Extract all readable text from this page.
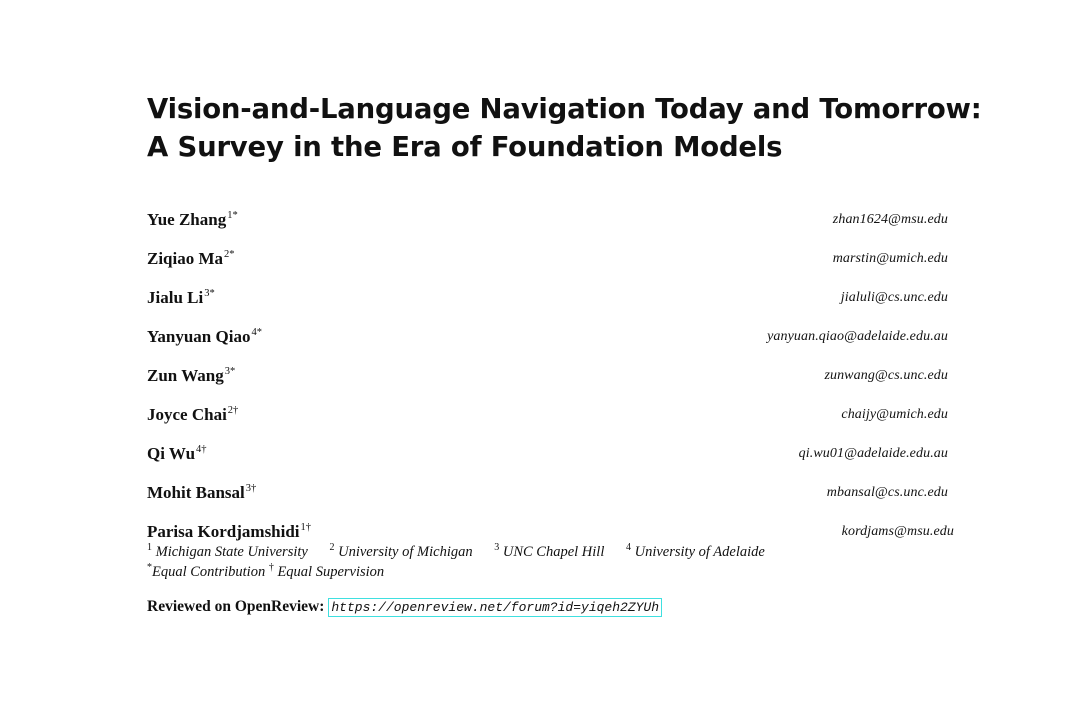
Vision-and-Language Navigation Today and Tomorrow:
A Survey in the Era of Foundation Models
Yue Zhang$^{1*}$	zhan1624@msu.edu
Ziqiao $Ma^{2*}$	marstin@umich.edu
Jialu $Li^{3*}$	jialuli@cs.unc.edu
Yanyuan Qiao$^{4*}$	yanyuan.qiao@adelaide.edu.au
Zun Wang$^{3*}$	zunwang@cs.unc.edu
Joyce Chai$^{2\dagger}$	chaijy@umich.edu
Qi $Wu^{4\dagger}$	qi.wu01@adelaide.edu.au
Mohit Bansal$^{3\dagger}$	mbansal@cs.unc.edu
Parisa Kordjamshidi$^{1\dagger}$	kordjams@msu.edu
$^1$ Michigan State University $^2$ University of Michigan $^3$ UNC Chapel Hill $^4$ University of Adelaide
*Equal Contribution † Equal Supervision
Reviewed on OpenReview: https://openreview.net/forum?id=yiqeh2ZYUh
